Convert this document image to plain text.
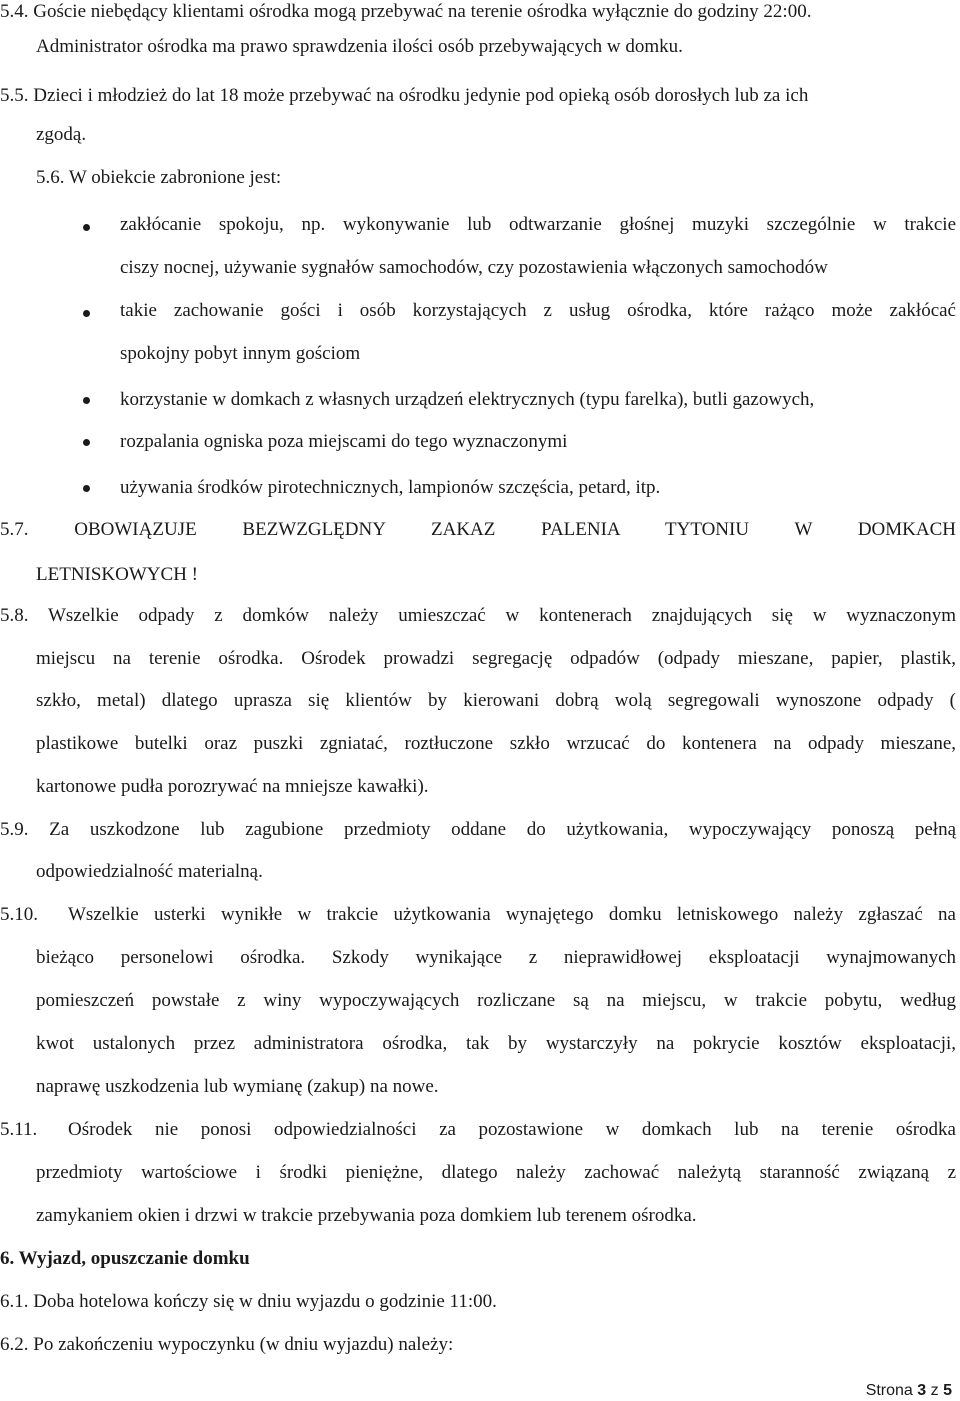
5.4. Goście niebędący klientami ośrodka mogą przebywać na terenie ośrodka wyłącznie do godziny 22:00.
Administrator ośrodka ma prawo sprawdzenia ilości osób przebywających w domku.
5.5. Dzieci i młodzież do lat 18 może przebywać na ośrodku jedynie pod opieką osób dorosłych lub za ich
zgodą.
5.6. W obiekcie zabronione jest:
zakłócanie spokoju, np. wykonywanie lub odtwarzanie głośnej muzyki szczególnie w trakcie
ciszy nocnej, używanie sygnałów samochodów, czy pozostawienia włączonych samochodów
takie zachowanie gości i osób korzystających z usług ośrodka, które rażąco może zakłócać
spokojny pobyt innym gościom
korzystanie w domkach z własnych urządzeń elektrycznych (typu farelka), butli gazowych,
rozpalania ogniska poza miejscami do tego wyznaczonymi
używania środków pirotechnicznych, lampionów szczęścia, petard, itp.
5.7. OBOWIĄZUJE BEZWZGLĘDNY ZAKAZ PALENIA TYTONIU W DOMKACH
LETNISKOWYCH !
5.8. Wszelkie odpady z domków należy umieszczać w kontenerach znajdujących się w wyznaczonym
miejscu na terenie ośrodka. Ośrodek prowadzi segregację odpadów (odpady mieszane, papier, plastik,
szkło, metal) dlatego uprasza się klientów by kierowani dobrą wolą segregowali wynoszone odpady (
plastikowe butelki oraz puszki zgniatać, roztłuczone szkło wrzucać do kontenera na odpady mieszane,
kartonowe pudła porozrywać na mniejsze kawałki).
5.9. Za uszkodzone lub zagubione przedmioty oddane do użytkowania, wypoczywający ponoszą pełną
odpowiedzialność materialną.
5.10. Wszelkie usterki wynikłe w trakcie użytkowania wynajętego domku letniskowego należy zgłaszać na
bieżąco personelowi ośrodka. Szkody wynikające z nieprawidłowej eksploatacji wynajmowanych
pomieszczeń powstałe z winy wypoczywających rozliczane są na miejscu, w trakcie pobytu, według
kwot ustalonych przez administratora ośrodka, tak by wystarczyły na pokrycie kosztów eksploatacji,
naprawę uszkodzenia lub wymianę (zakup) na nowe.
5.11. Ośrodek nie ponosi odpowiedzialności za pozostawione w domkach lub na terenie ośrodka
przedmioty wartościowe i środki pieniężne, dlatego należy zachować należytą staranność związaną z
zamykaniem okien i drzwi w trakcie przebywania poza domkiem lub terenem ośrodka.
6. Wyjazd, opuszczanie domku
6.1. Doba hotelowa kończy się w dniu wyjazdu o godzinie 11:00.
6.2. Po zakończeniu wypoczynku (w dniu wyjazdu) należy:
Strona 3 z 5
